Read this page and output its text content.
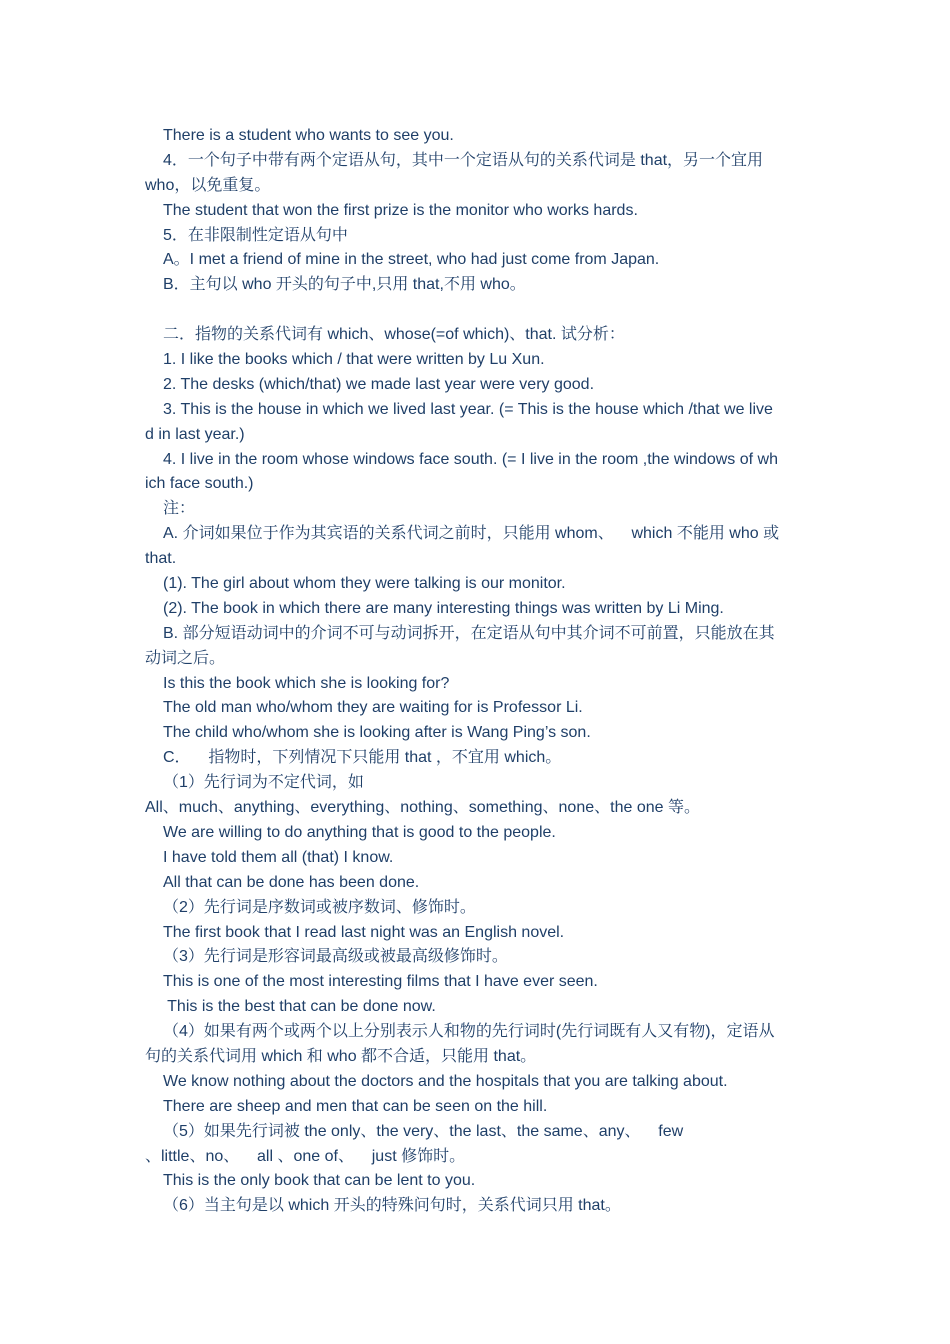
There is a student who wants to see you.
4．一个句子中带有两个定语从句，其中一个定语从句的关系代词是 that，另一个宜用
who，以免重复。
The student that won the first prize is the monitor who works hards.
5．在非限制性定语从句中
A。I met a friend of mine in the street, who had just come from Japan.
B．主句以 who 开头的句子中,只用 that,不用 who。
二．指物的关系代词有 which、whose(=of which)、that. 试分析：
1. I like the books which / that were written by Lu Xun.
2. The desks (which/that) we made last year were very good.
3. This is the house in which we lived last year. (= This is the house which /that we live
d in last year.)
4. I live in the room whose windows face south. (= I live in the room ,the windows of wh
ich face south.)
注：
A. 介词如果位于作为其宾语的关系代词之前时，只能用 whom、    which 不能用 who 或
that.
(1). The girl about whom they were talking is our monitor.
(2). The book in which there are many interesting things was written by Li Ming.
B. 部分短语动词中的介词不可与动词拆开，在定语从句中其介词不可前置，只能放在其
动词之后。
Is this the book which she is looking for?
The old man who/whom they are waiting for is Professor Li.
The child who/whom she is looking after is Wang Ping’s son.
C．    指物时，下列情况下只能用 that ，不宜用 which。
（1）先行词为不定代词，如
All、much、anything、everything、nothing、something、none、the one 等。
We are willing to do anything that is good to the people.
I have told them all (that) I know.
All that can be done has been done.
（2）先行词是序数词或被序数词、修饰时。
The first book that I read last night was an English novel.
（3）先行词是形容词最高级或被最高级修饰时。
This is one of the most interesting films that I have ever seen.
This is the best that can be done now.
（4）如果有两个或两个以上分别表示人和物的先行词时(先行词既有人又有物)，定语从
句的关系代词用 which 和 who 都不合适，只能用 that。
We know nothing about the doctors and the hospitals that you are talking about.
There are sheep and men that can be seen on the hill.
（5）如果先行词被 the only、the very、the last、the same、any、    few
、little、no、    all 、one of、    just 修饰时。
This is the only book that can be lent to you.
（6）当主句是以 which 开头的特殊问句时，关系代词只用 that。
